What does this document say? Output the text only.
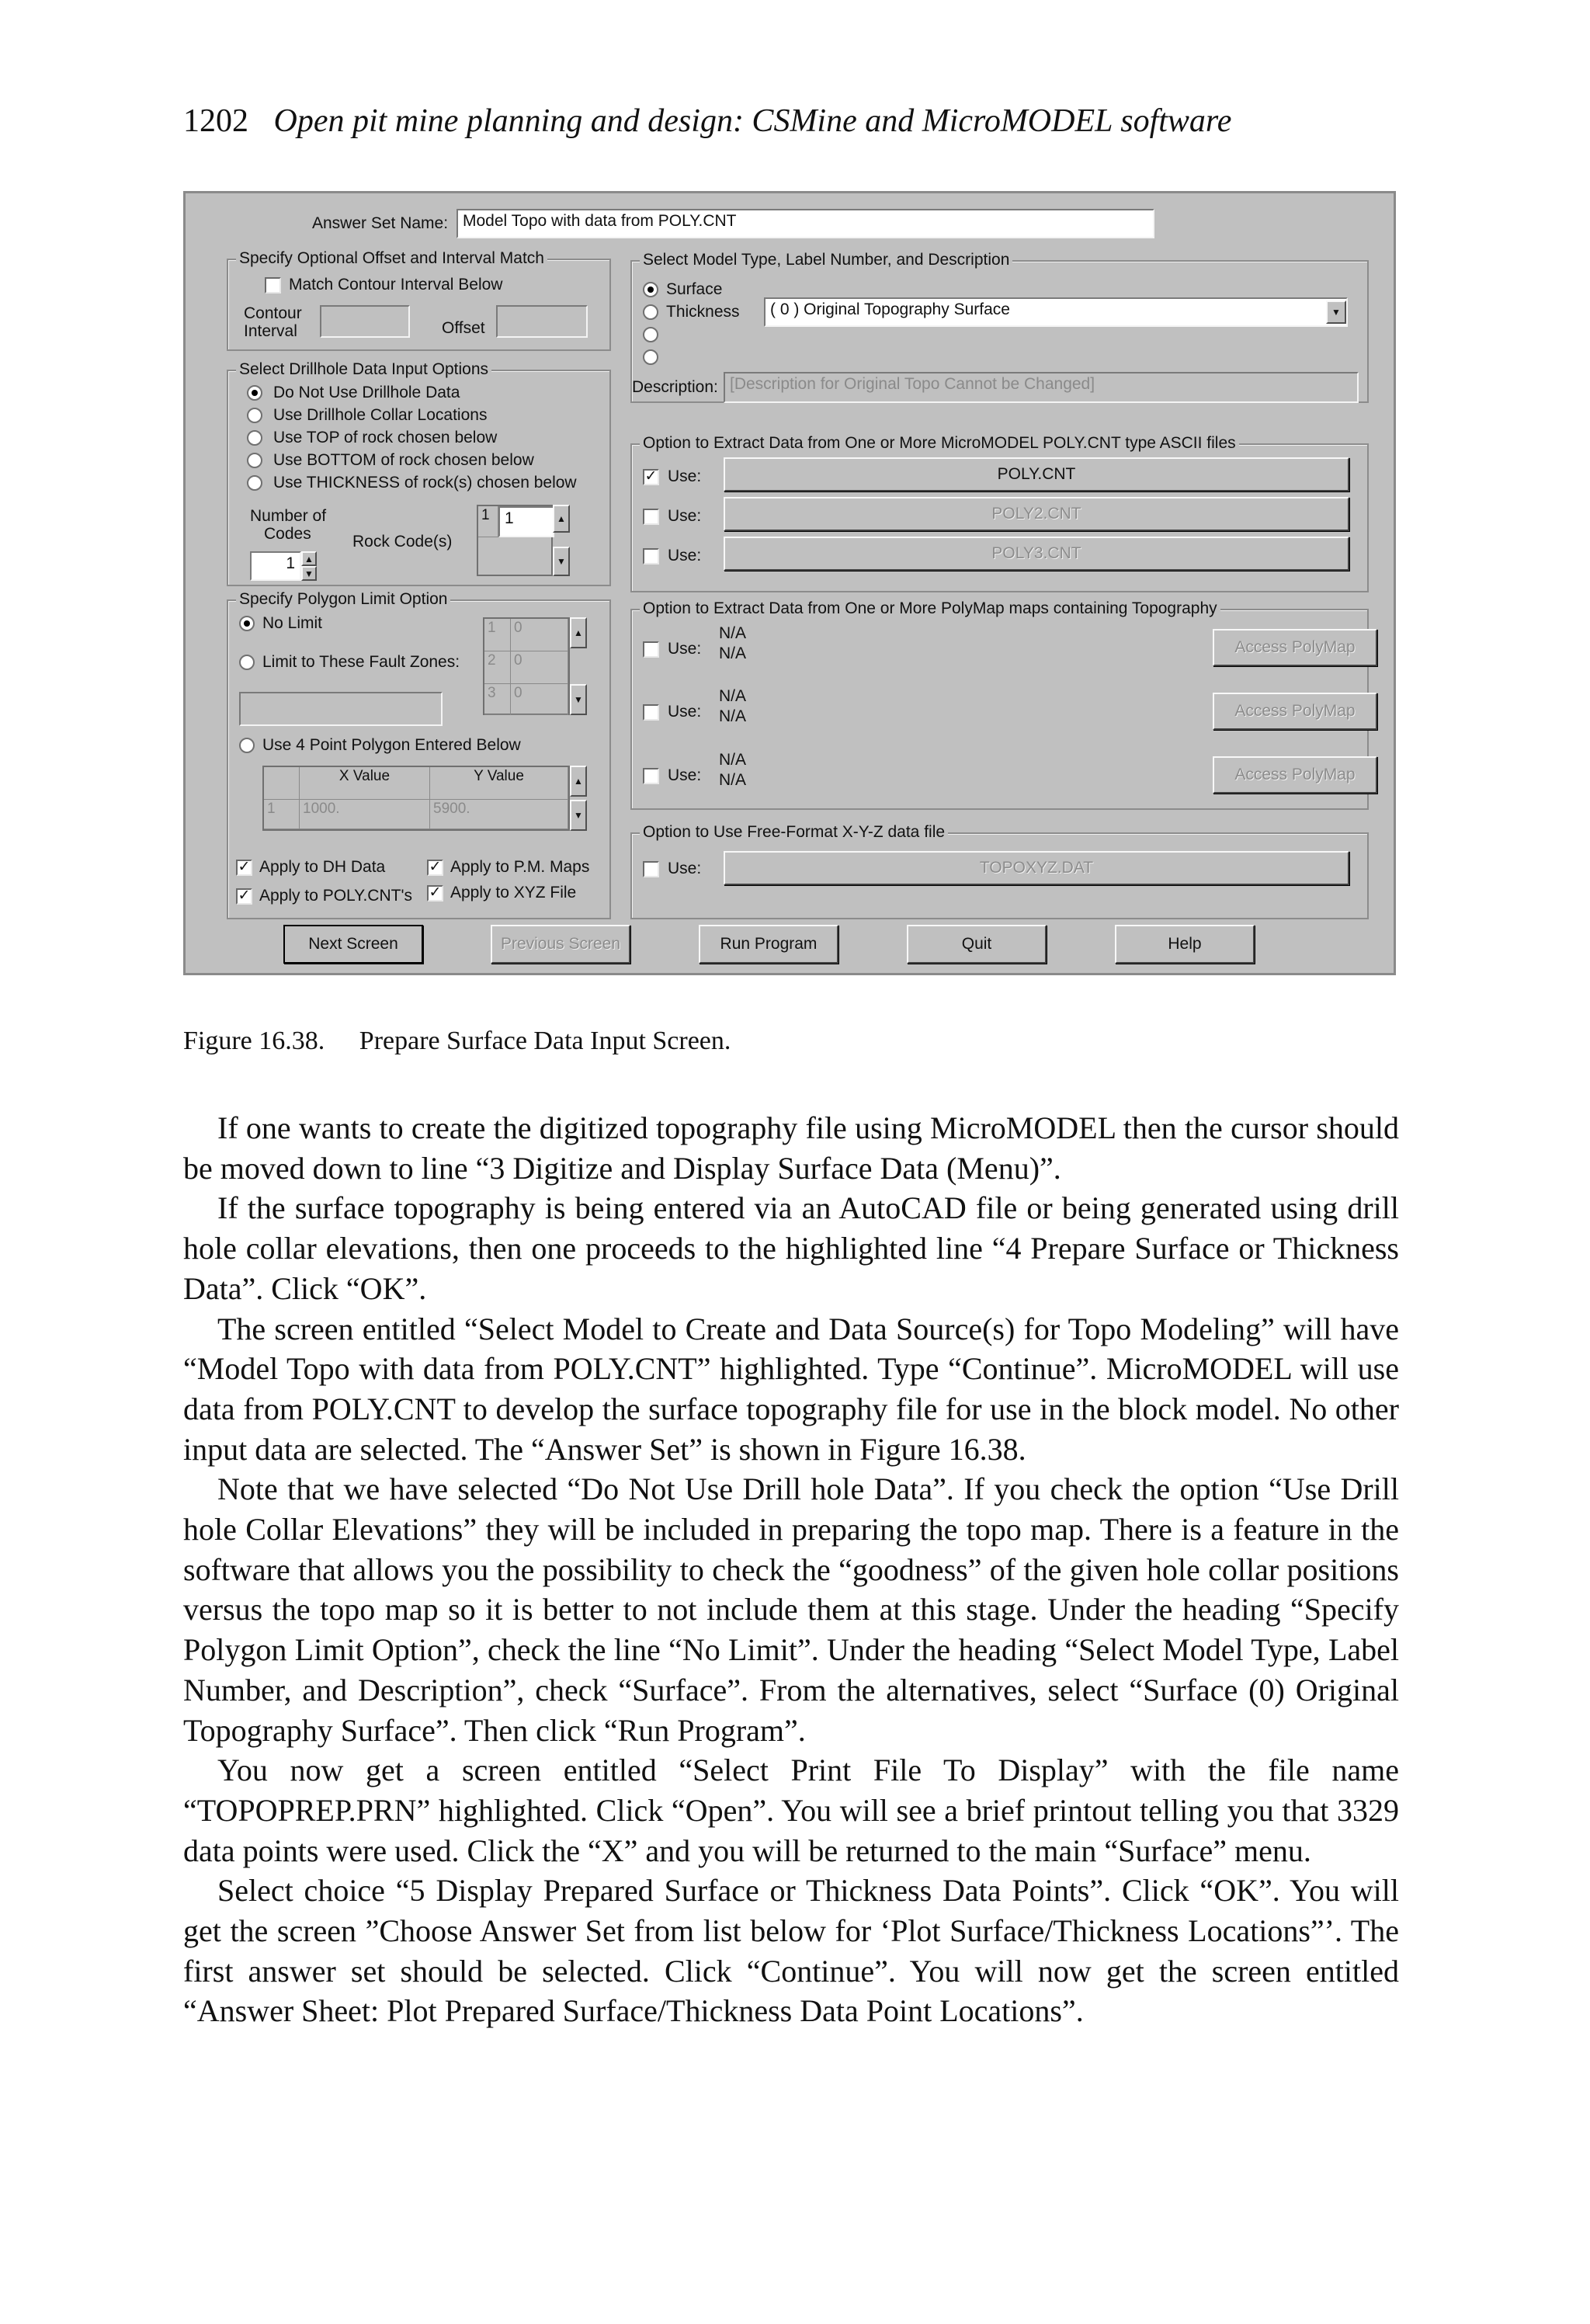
1202 Open pit mine planning and design: CSMine and MicroMODEL software
Answer Set Name: Model Topo with data from POLY.CNT
Specify Optional Offset and Interval Match
Match Contour Interval Below
Contour
Interval	Offset
Select Drillhole Data Input Options
Do Not Use Drillhole Data
Use Drillhole Collar Locations
Use TOP of rock chosen below
Use BOTTOM of rock chosen below
Use THICKNESS of rock(s) chosen below
Number of
Codes
1	▲
▼
Rock Code(s)
1 1	▲
▼
Specify Polygon Limit Option
No Limit
Limit to These Fault Zones:
1	0
2	0
3	0
▲
▼
Use 4 Point Polygon Entered Below
X Value	Y Value
1	1000.	5900.
▲
▼
✓ Apply to DH Data	✓ Apply to P.M. Maps
✓ Apply to POLY.CNT's ✓ Apply to XYZ File
Select Model Type, Label Number, and Description
Surface
Thickness	( 0 ) Original Topography Surface	▼
Description: [Description for Original Topo Cannot be Changed]
Option to Extract Data from One or More MicroMODEL POLY.CNT type ASCII files
✓ Use:	POLY.CNT
Use:	POLY2.CNT
Use:	POLY3.CNT
Option to Extract Data from One or More PolyMap maps containing Topography
Use:
N/A
N/A	Access PolyMap
Use:
N/A
N/A	Access PolyMap
Use:
N/A
N/A	Access PolyMap
Option to Use Free-Format X-Y-Z data file
Use:	TOPOXYZ.DAT
Next Screen	Previous Screen	Run Program	Quit	Help
Figure 16.38. Prepare Surface Data Input Screen.

If one wants to create the digitized topography file using MicroMODEL then the cursor should be moved down to line “3 Digitize and Display Surface Data (Menu)”.

If the surface topography is being entered via an AutoCAD file or being generated using drill hole collar elevations, then one proceeds to the highlighted line “4 Prepare Surface or Thickness Data”. Click “OK”.

The screen entitled “Select Model to Create and Data Source(s) for Topo Modeling” will have “Model Topo with data from POLY.CNT” highlighted. Type “Continue”. MicroMODEL will use data from POLY.CNT to develop the surface topography file for use in the block model. No other input data are selected. The “Answer Set” is shown in Figure 16.38.

Note that we have selected “Do Not Use Drill hole Data”. If you check the option “Use Drill hole Collar Elevations” they will be included in preparing the topo map. There is a feature in the software that allows you the possibility to check the “goodness” of the given hole collar positions versus the topo map so it is better to not include them at this stage. Under the heading “Specify Polygon Limit Option”, check the line “No Limit”. Under the heading “Select Model Type, Label Number, and Description”, check “Surface”. From the alternatives, select “Surface (0) Original Topography Surface”. Then click “Run Program”.

You now get a screen entitled “Select Print File To Display” with the file name “TOPOPREP.PRN” highlighted. Click “Open”. You will see a brief printout telling you that 3329 data points were used. Click the “X” and you will be returned to the main “Surface” menu.

Select choice “5 Display Prepared Surface or Thickness Data Points”. Click “OK”. You will get the screen ”Choose Answer Set from list below for ‘Plot Surface/Thickness Locations”’. The first answer set should be selected. Click “Continue”. You will now get the screen entitled “Answer Sheet: Plot Prepared Surface/Thickness Data Point Locations”.
